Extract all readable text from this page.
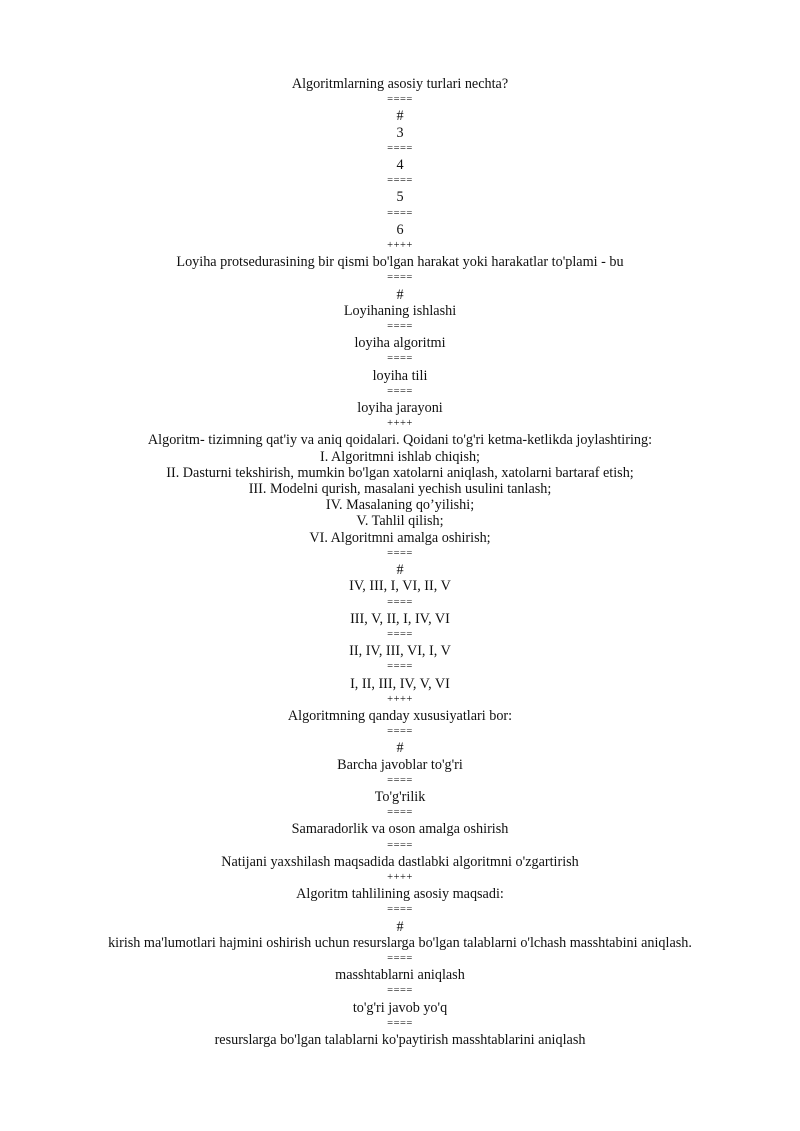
Algoritmlarning asosiy turlari nechta?
====
#
3
====
4
====
5
====
6
++++
Loyiha protsedurasining bir qismi bo'lgan harakat yoki harakatlar to'plami - bu
====
#
Loyihaning ishlashi
====
loyiha algoritmi
====
loyiha tili
====
loyiha jarayoni
++++
Algoritm- tizimning qat'iy va aniq qoidalari. Qoidani to'g'ri ketma-ketlikda joylashtiring:
I. Algoritmni ishlab chiqish;
II. Dasturni tekshirish, mumkin bo'lgan xatolarni aniqlash, xatolarni bartaraf etish;
III. Modelni qurish, masalani yechish usulini tanlash;
IV. Masalaning qo’yilishi;
V. Tahlil qilish;
VI. Algoritmni amalga oshirish;
====
#
IV, III, I, VI, II, V
====
III, V, II, I, IV, VI
====
II, IV, III, VI, I, V
====
I, II, III, IV, V, VI
++++
Algoritmning qanday xususiyatlari bor:
====
#
Barcha javoblar to'g'ri
====
To'g'rilik
====
Samaradorlik va oson amalga oshirish
====
Natijani yaxshilash maqsadida dastlabki algoritmni o'zgartirish
++++
Algoritm tahlilining asosiy maqsadi:
====
#
kirish ma'lumotlari hajmini oshirish uchun resurslarga bo'lgan talablarni o'lchash masshtabini aniqlash.
====
masshtablarni aniqlash
====
to'g'ri javob yo'q
====
resurslarga bo'lgan talablarni ko'paytirish masshtablarini aniqlash
